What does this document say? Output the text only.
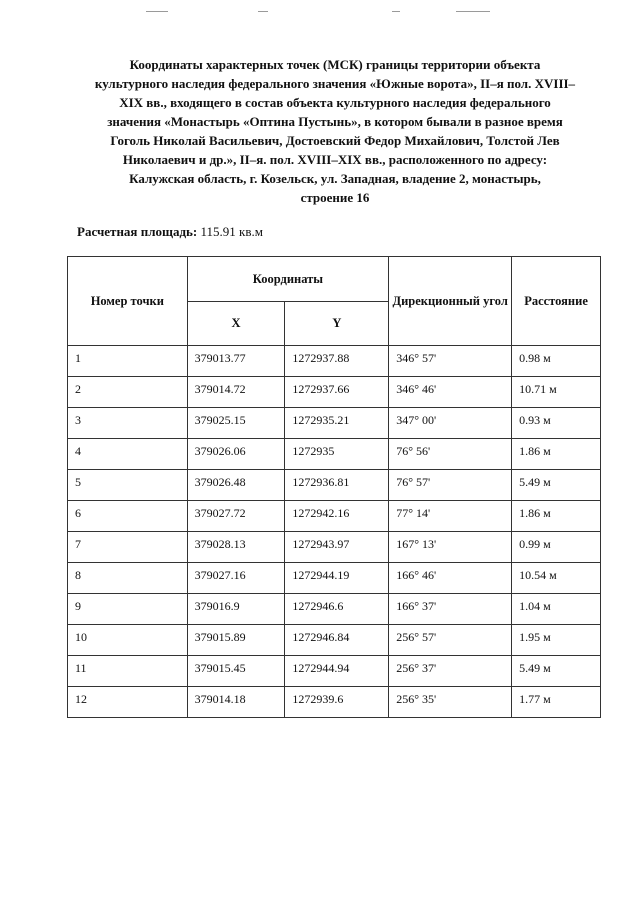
Координаты характерных точек (МСК) границы территории объекта
культурного наследия федерального значения «Южные ворота», II–я пол. XVIII–
XIX вв., входящего в состав объекта культурного наследия федерального
значения «Монастырь «Оптина Пустынь», в котором бывали в разное время
Гоголь Николай Васильевич, Достоевский Федор Михайлович, Толстой Лев
Николаевич и др.», II–я. пол. XVIII–XIX вв., расположенного по адресу:
Калужская область, г. Козельск, ул. Западная, владение 2, монастырь,
строение 16
Расчетная площадь: 115.91 кв.м
Номер точки	Координаты		Дирекционный угол	Расстояние
	X	Y		
1	379013.77	1272937.88	346° 57'	0.98 м
2	379014.72	1272937.66	346° 46'	10.71 м
3	379025.15	1272935.21	347° 00'	0.93 м
4	379026.06	1272935	76° 56'	1.86 м
5	379026.48	1272936.81	76° 57'	5.49 м
6	379027.72	1272942.16	77° 14'	1.86 м
7	379028.13	1272943.97	167° 13'	0.99 м
8	379027.16	1272944.19	166° 46'	10.54 м
9	379016.9	1272946.6	166° 37'	1.04 м
10	379015.89	1272946.84	256° 57'	1.95 м
11	379015.45	1272944.94	256° 37'	5.49 м
12	379014.18	1272939.6	256° 35'	1.77 м
